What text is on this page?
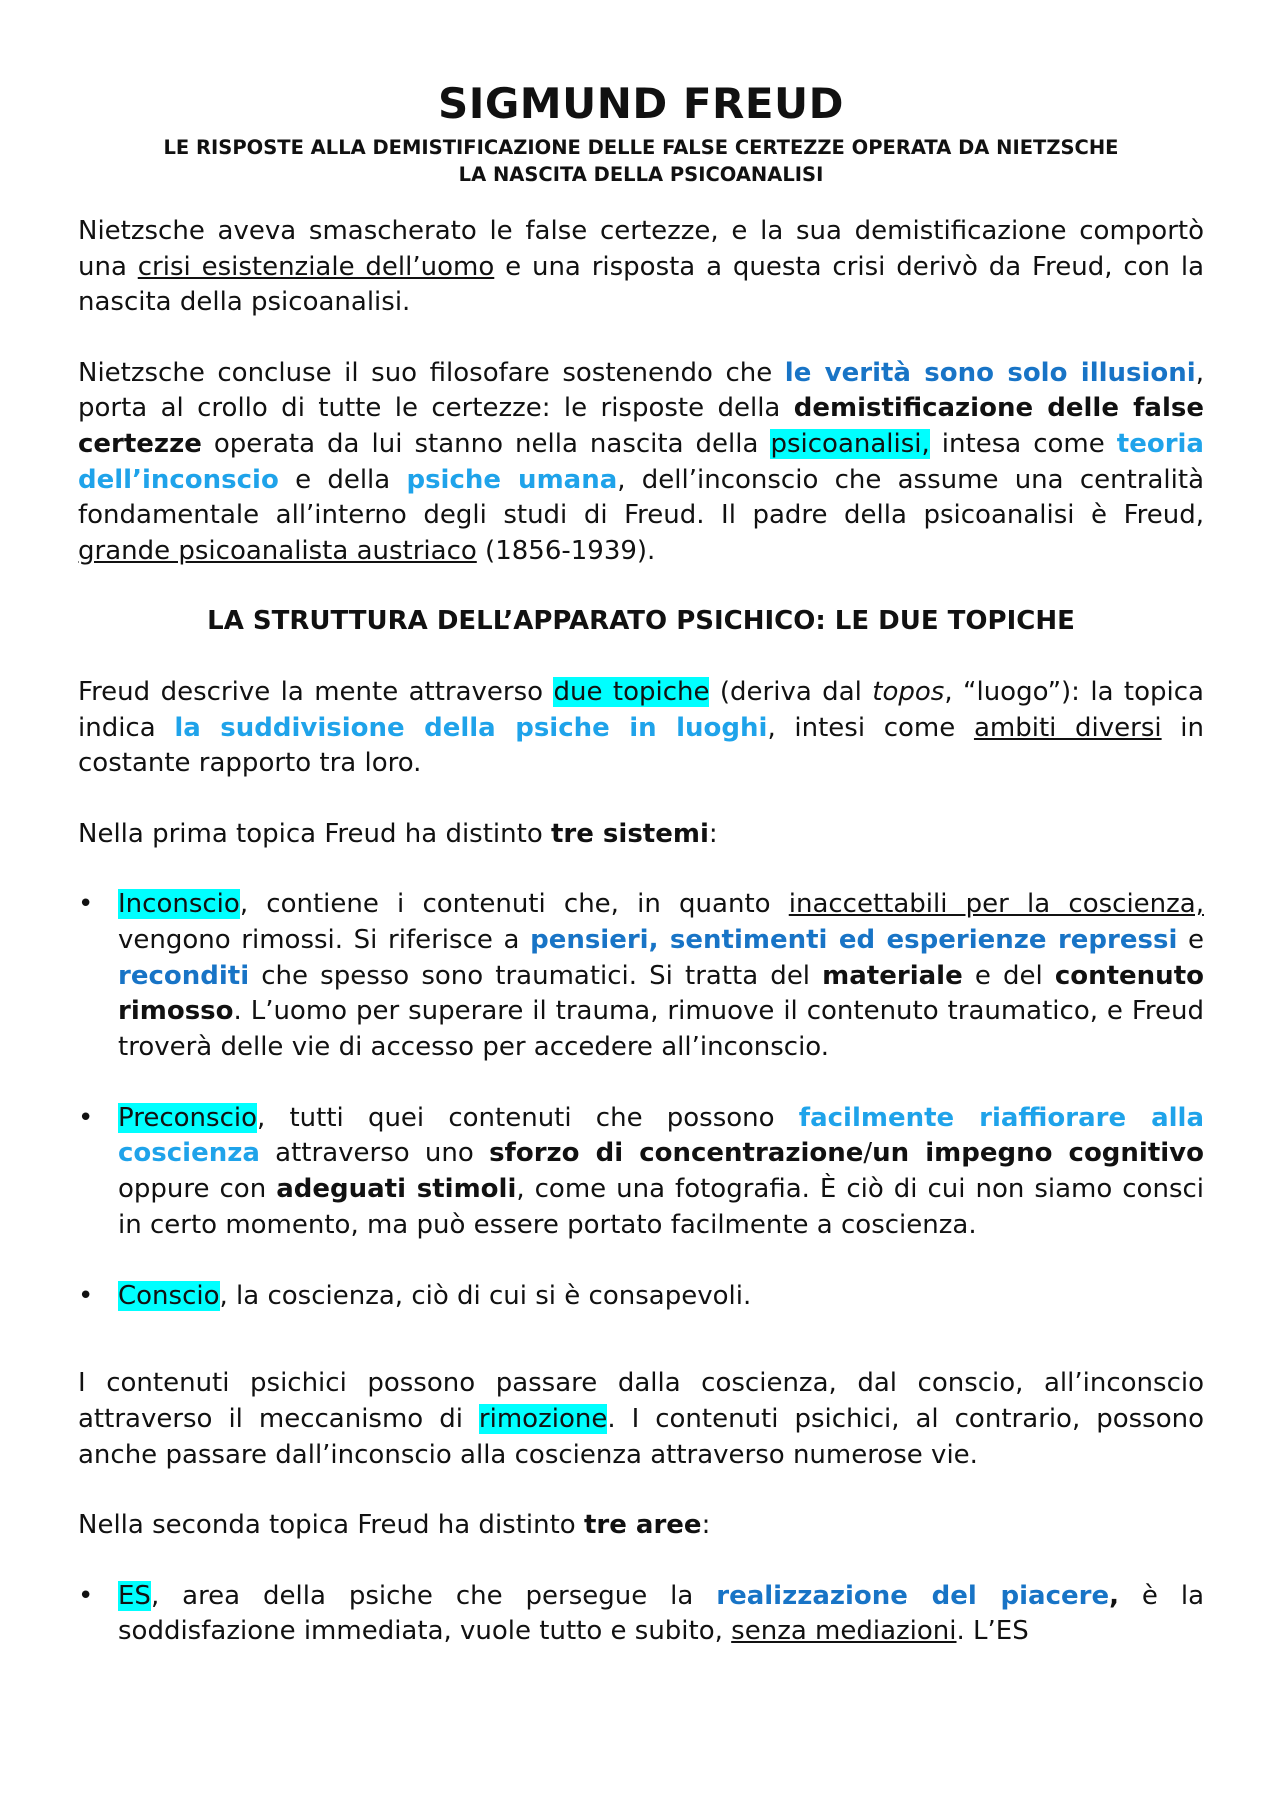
SIGMUND FREUD
LE RISPOSTE ALLA DEMISTIFICAZIONE DELLE FALSE CERTEZZE OPERATA DA NIETZSCHE
LA NASCITA DELLA PSICOANALISI

Nietzsche aveva smascherato le false certezze, e la sua demistificazione comportò una crisi esistenziale dell’uomo e una risposta a questa crisi derivò da Freud, con la nascita della psicoanalisi.

Nietzsche concluse il suo filosofare sostenendo che le verità sono solo illusioni, porta al crollo di tutte le certezze: le risposte della demistificazione delle false certezze operata da lui stanno nella nascita della psicoanalisi, intesa come teoria dell’inconscio e della psiche umana, dell’inconscio che assume una centralità fondamentale all’interno degli studi di Freud. Il padre della psicoanalisi è Freud, grande psicoanalista austriaco (1856-1939).

LA STRUTTURA DELL’APPARATO PSICHICO: LE DUE TOPICHE

Freud descrive la mente attraverso due topiche (deriva dal topos, “luogo”): la topica indica la suddivisione della psiche in luoghi, intesi come ambiti diversi in costante rapporto tra loro.

Nella prima topica Freud ha distinto tre sistemi:

• Inconscio, contiene i contenuti che, in quanto inaccettabili per la coscienza, vengono rimossi. Si riferisce a pensieri, sentimenti ed esperienze repressi e reconditi che spesso sono traumatici. Si tratta del materiale e del contenuto rimosso. L’uomo per superare il trauma, rimuove il contenuto traumatico, e Freud troverà delle vie di accesso per accedere all’inconscio.
• Preconscio, tutti quei contenuti che possono facilmente riaffiorare alla coscienza attraverso uno sforzo di concentrazione/un impegno cognitivo oppure con adeguati stimoli, come una fotografia. È ciò di cui non siamo consci in certo momento, ma può essere portato facilmente a coscienza.
• Conscio, la coscienza, ciò di cui si è consapevoli.

I contenuti psichici possono passare dalla coscienza, dal conscio, all’inconscio attraverso il meccanismo di rimozione. I contenuti psichici, al contrario, possono anche passare dall’inconscio alla coscienza attraverso numerose vie.

Nella seconda topica Freud ha distinto tre aree:

• ES, area della psiche che persegue la realizzazione del piacere, è la soddisfazione immediata, vuole tutto e subito, senza mediazioni. L’ES
